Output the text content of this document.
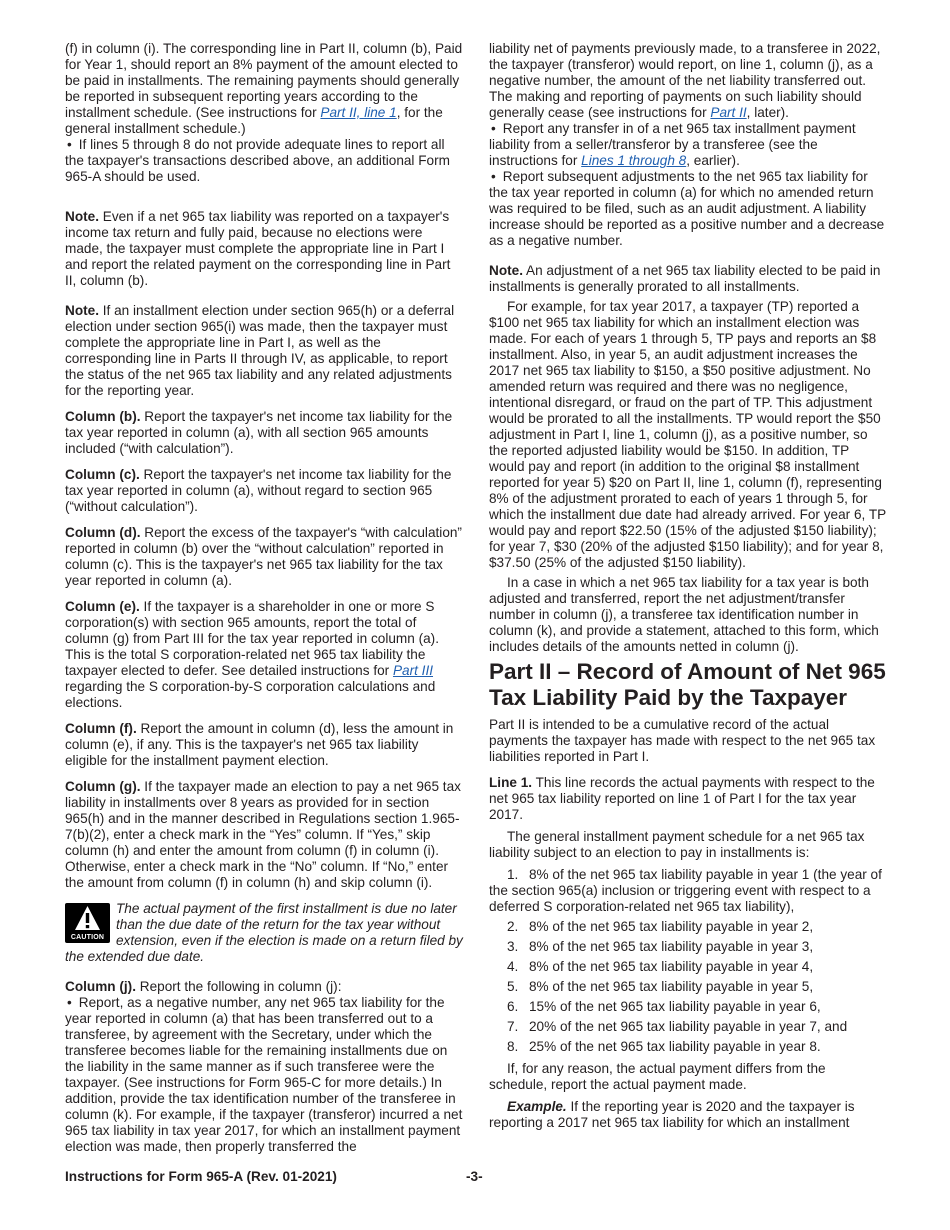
(f) in column (i). The corresponding line in Part II, column (b), Paid for Year 1, should report an 8% payment of the amount elected to be paid in installments. The remaining payments should generally be reported in subsequent reporting years according to the installment schedule. (See instructions for Part II, line 1, for the general installment schedule.)

• If lines 5 through 8 do not provide adequate lines to report all the taxpayer's transactions described above, an additional Form 965-A should be used.

Note. Even if a net 965 tax liability was reported on a taxpayer's income tax return and fully paid, because no elections were made, the taxpayer must complete the appropriate line in Part I and report the related payment on the corresponding line in Part II, column (b).

Note. If an installment election under section 965(h) or a deferral election under section 965(i) was made, then the taxpayer must complete the appropriate line in Part I, as well as the corresponding line in Parts II through IV, as applicable, to report the status of the net 965 tax liability and any related adjustments for the reporting year.

Column (b). Report the taxpayer's net income tax liability for the tax year reported in column (a), with all section 965 amounts included (“with calculation”).

Column (c). Report the taxpayer's net income tax liability for the tax year reported in column (a), without regard to section 965 (“without calculation”).

Column (d). Report the excess of the taxpayer's “with calculation” reported in column (b) over the “without calculation” reported in column (c). This is the taxpayer's net 965 tax liability for the tax year reported in column (a).

Column (e). If the taxpayer is a shareholder in one or more S corporation(s) with section 965 amounts, report the total of column (g) from Part III for the tax year reported in column (a). This is the total S corporation-related net 965 tax liability the taxpayer elected to defer. See detailed instructions for Part III regarding the S corporation-by-S corporation calculations and elections.

Column (f). Report the amount in column (d), less the amount in column (e), if any. This is the taxpayer's net 965 tax liability eligible for the installment payment election.

Column (g). If the taxpayer made an election to pay a net 965 tax liability in installments over 8 years as provided for in section 965(h) and in the manner described in Regulations section 1.965-7(b)(2), enter a check mark in the “Yes” column. If “Yes,” skip column (h) and enter the amount from column (f) in column (i). Otherwise, enter a check mark in the “No” column. If “No,” enter the amount from column (f) in column (h) and skip column (i).

CAUTION
The actual payment of the first installment is due no later than the due date of the return for the tax year without extension, even if the election is made on a return filed by the extended due date.

Column (j). Report the following in column (j):

• Report, as a negative number, any net 965 tax liability for the year reported in column (a) that has been transferred out to a transferee, by agreement with the Secretary, under which the transferee becomes liable for the remaining installments due on the liability in the same manner as if such transferee were the taxpayer. (See instructions for Form 965-C for more details.) In addition, provide the tax identification number of the transferee in column (k). For example, if the taxpayer (transferor) incurred a net 965 tax liability in tax year 2017, for which an installment payment election was made, then properly transferred the

liability net of payments previously made, to a transferee in 2022, the taxpayer (transferor) would report, on line 1, column (j), as a negative number, the amount of the net liability transferred out. The making and reporting of payments on such liability should generally cease (see instructions for Part II, later).

• Report any transfer in of a net 965 tax installment payment liability from a seller/transferor by a transferee (see the instructions for Lines 1 through 8, earlier).

• Report subsequent adjustments to the net 965 tax liability for the tax year reported in column (a) for which no amended return was required to be filed, such as an audit adjustment. A liability increase should be reported as a positive number and a decrease as a negative number.

Note. An adjustment of a net 965 tax liability elected to be paid in installments is generally prorated to all installments.

For example, for tax year 2017, a taxpayer (TP) reported a $100 net 965 tax liability for which an installment election was made. For each of years 1 through 5, TP pays and reports an $8 installment. Also, in year 5, an audit adjustment increases the 2017 net 965 tax liability to $150, a $50 positive adjustment. No amended return was required and there was no negligence, intentional disregard, or fraud on the part of TP. This adjustment would be prorated to all the installments. TP would report the $50 adjustment in Part I, line 1, column (j), as a positive number, so the reported adjusted liability would be $150. In addition, TP would pay and report (in addition to the original $8 installment reported for year 5) $20 on Part II, line 1, column (f), representing 8% of the adjustment prorated to each of years 1 through 5, for which the installment due date had already arrived. For year 6, TP would pay and report $22.50 (15% of the adjusted $150 liability); for year 7, $30 (20% of the adjusted $150 liability); and for year 8, $37.50 (25% of the adjusted $150 liability).

In a case in which a net 965 tax liability for a tax year is both adjusted and transferred, report the net adjustment/transfer number in column (j), a transferee tax identification number in column (k), and provide a statement, attached to this form, which includes details of the amounts netted in column (j).

Part II – Record of Amount of Net 965 Tax Liability Paid by the Taxpayer

Part II is intended to be a cumulative record of the actual payments the taxpayer has made with respect to the net 965 tax liabilities reported in Part I.

Line 1. This line records the actual payments with respect to the net 965 tax liability reported on line 1 of Part I for the tax year 2017.

The general installment payment schedule for a net 965 tax liability subject to an election to pay in installments is:

1. 8% of the net 965 tax liability payable in year 1 (the year of the section 965(a) inclusion or triggering event with respect to a deferred S corporation-related net 965 tax liability),
2. 8% of the net 965 tax liability payable in year 2,
3. 8% of the net 965 tax liability payable in year 3,
4. 8% of the net 965 tax liability payable in year 4,
5. 8% of the net 965 tax liability payable in year 5,
6. 15% of the net 965 tax liability payable in year 6,
7. 20% of the net 965 tax liability payable in year 7, and
8. 25% of the net 965 tax liability payable in year 8.

If, for any reason, the actual payment differs from the schedule, report the actual payment made.

Example. If the reporting year is 2020 and the taxpayer is reporting a 2017 net 965 tax liability for which an installment

Instructions for Form 965-A (Rev. 01-2021)	-3-
